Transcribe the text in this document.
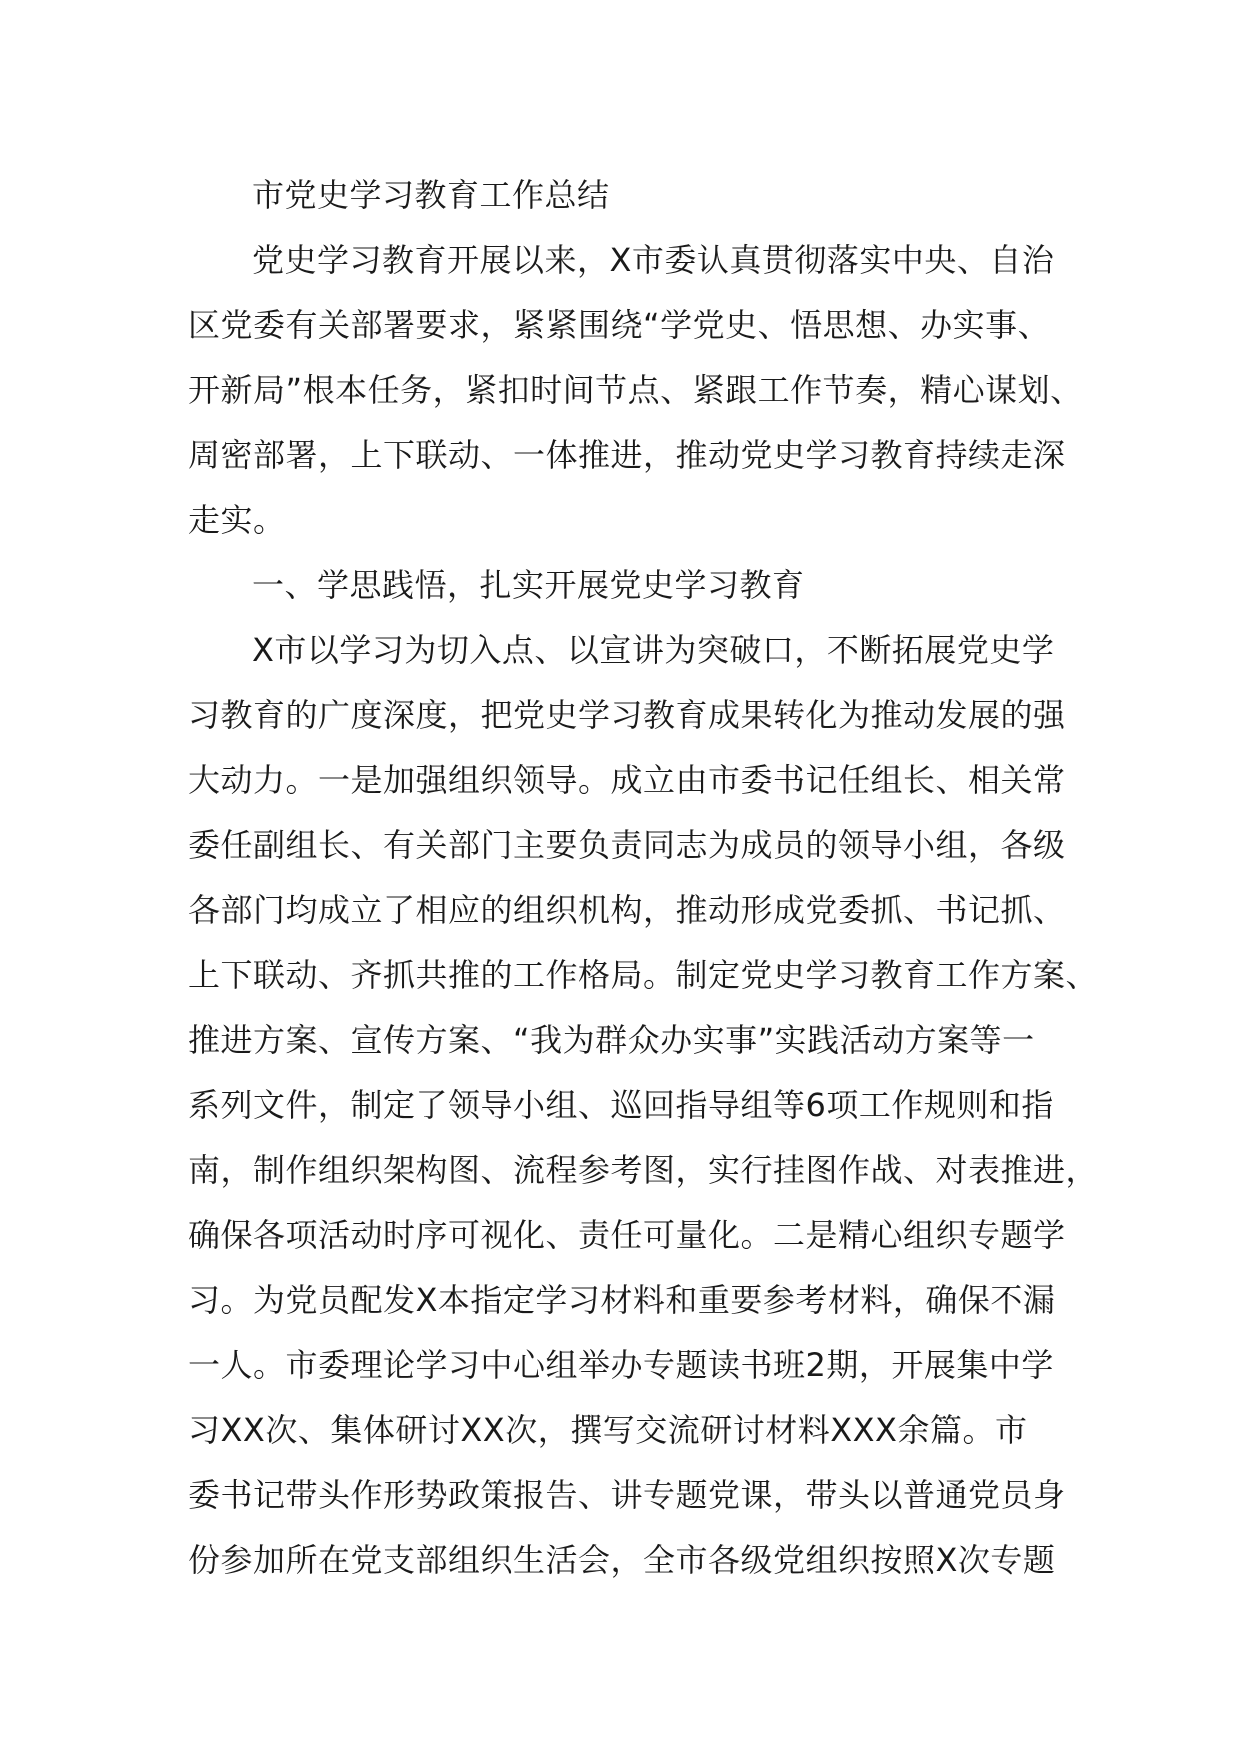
市党史学习教育工作总结
党史学习教育开展以来，X市委认真贯彻落实中央、自治
区党委有关部署要求，紧紧围绕“学党史、悟思想、办实事、
开新局”根本任务，紧扣时间节点、紧跟工作节奏，精心谋划、
周密部署，上下联动、一体推进，推动党史学习教育持续走深
走实。
一、学思践悟，扎实开展党史学习教育
X市以学习为切入点、以宣讲为突破口，不断拓展党史学
习教育的广度深度，把党史学习教育成果转化为推动发展的强
大动力。一是加强组织领导。成立由市委书记任组长、相关常
委任副组长、有关部门主要负责同志为成员的领导小组，各级
各部门均成立了相应的组织机构，推动形成党委抓、书记抓、
上下联动、齐抓共推的工作格局。制定党史学习教育工作方案、
推进方案、宣传方案、“我为群众办实事”实践活动方案等一
系列文件，制定了领导小组、巡回指导组等6项工作规则和指
南，制作组织架构图、流程参考图，实行挂图作战、对表推进，
确保各项活动时序可视化、责任可量化。二是精心组织专题学
习。为党员配发X本指定学习材料和重要参考材料，确保不漏
一人。市委理论学习中心组举办专题读书班2期，开展集中学
习XX次、集体研讨XX次，撰写交流研讨材料XXX余篇。市
委书记带头作形势政策报告、讲专题党课，带头以普通党员身
份参加所在党支部组织生活会，全市各级党组织按照X次专题
